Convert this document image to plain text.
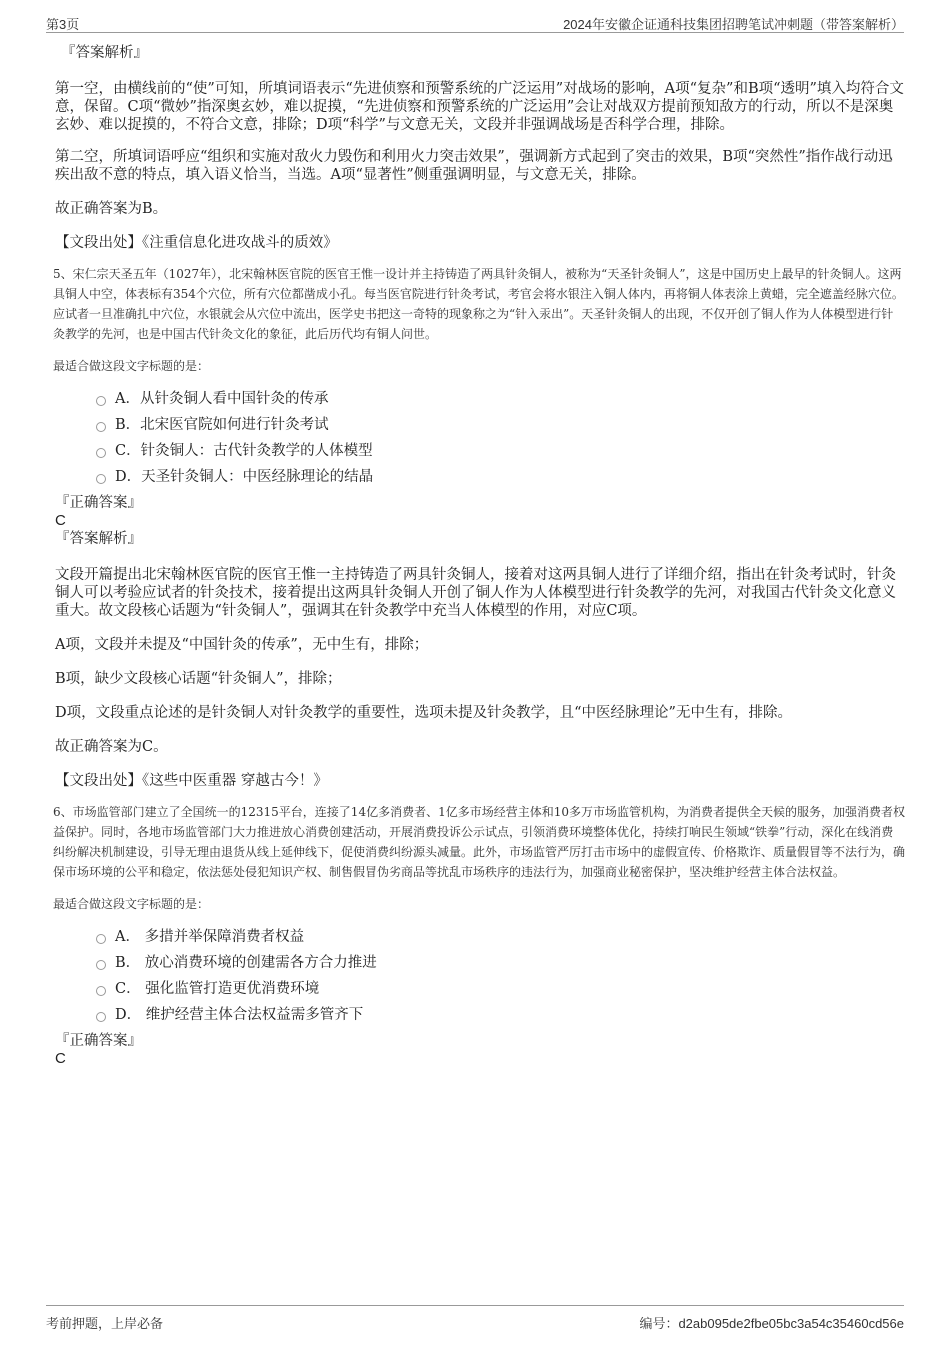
第3页	2024年安徽企证通科技集团招聘笔试冲刺题（带答案解析）
『答案解析』

第一空，由横线前的“使”可知，所填词语表示“先进侦察和预警系统的广泛运用”对战场的影响，A项“复杂”和B项“透明”填入均符合文意，保留。C项“微妙”指深奥玄妙，难以捉摸，“先进侦察和预警系统的广泛运用”会让对战双方提前预知敌方的行动，所以不是深奥玄妙、难以捉摸的，不符合文意，排除；D项“科学”与文意无关，文段并非强调战场是否科学合理，排除。

第二空，所填词语呼应“组织和实施对敌火力毁伤和利用火力突击效果”，强调新方式起到了突击的效果，B项“突然性”指作战行动迅疾出敌不意的特点，填入语义恰当，当选。A项“显著性”侧重强调明显，与文意无关，排除。

故正确答案为B。

【文段出处】《注重信息化进攻战斗的质效》

5、宋仁宗天圣五年（1027年），北宋翰林医官院的医官王惟一设计并主持铸造了两具针灸铜人，被称为“天圣针灸铜人”，这是中国历史上最早的针灸铜人。这两具铜人中空，体表标有354个穴位，所有穴位都凿成小孔。每当医官院进行针灸考试，考官会将水银注入铜人体内，再将铜人体表涂上黄蜡，完全遮盖经脉穴位。应试者一旦准确扎中穴位，水银就会从穴位中流出，医学史书把这一奇特的现象称之为“针入汞出”。天圣针灸铜人的出现，不仅开创了铜人作为人体模型进行针灸教学的先河，也是中国古代针灸文化的象征，此后历代均有铜人问世。

最适合做这段文字标题的是：

A．从针灸铜人看中国针灸的传承
B．北宋医官院如何进行针灸考试
C．针灸铜人：古代针灸教学的人体模型
D．天圣针灸铜人：中医经脉理论的结晶
『正确答案』
C
『答案解析』

文段开篇提出北宋翰林医官院的医官王惟一主持铸造了两具针灸铜人，接着对这两具铜人进行了详细介绍，指出在针灸考试时，针灸铜人可以考验应试者的针灸技术，接着提出这两具针灸铜人开创了铜人作为人体模型进行针灸教学的先河，对我国古代针灸文化意义重大。故文段核心话题为“针灸铜人”，强调其在针灸教学中充当人体模型的作用，对应C项。

A项，文段并未提及“中国针灸的传承”，无中生有，排除；

B项，缺少文段核心话题“针灸铜人”，排除；

D项，文段重点论述的是针灸铜人对针灸教学的重要性，选项未提及针灸教学，且“中医经脉理论”无中生有，排除。

故正确答案为C。

【文段出处】《这些中医重器 穿越古今！》

6、市场监管部门建立了全国统一的12315平台，连接了14亿多消费者、1亿多市场经营主体和10多万市场监管机构，为消费者提供全天候的服务，加强消费者权益保护。同时，各地市场监管部门大力推进放心消费创建活动，开展消费投诉公示试点，引领消费环境整体优化，持续打响民生领域“铁拳”行动，深化在线消费纠纷解决机制建设，引导无理由退货从线上延伸线下，促使消费纠纷源头减量。此外，市场监管严厉打击市场中的虚假宣传、价格欺诈、质量假冒等不法行为，确保市场环境的公平和稳定，依法惩处侵犯知识产权、制售假冒伪劣商品等扰乱市场秩序的违法行为，加强商业秘密保护，坚决维护经营主体合法权益。

最适合做这段文字标题的是：

A． 多措并举保障消费者权益
B． 放心消费环境的创建需各方合力推进
C． 强化监管打造更优消费环境
D． 维护经营主体合法权益需多管齐下
『正确答案』
C
考前押题，上岸必备	编号：d2ab095de2fbe05bc3a54c35460cd56e
